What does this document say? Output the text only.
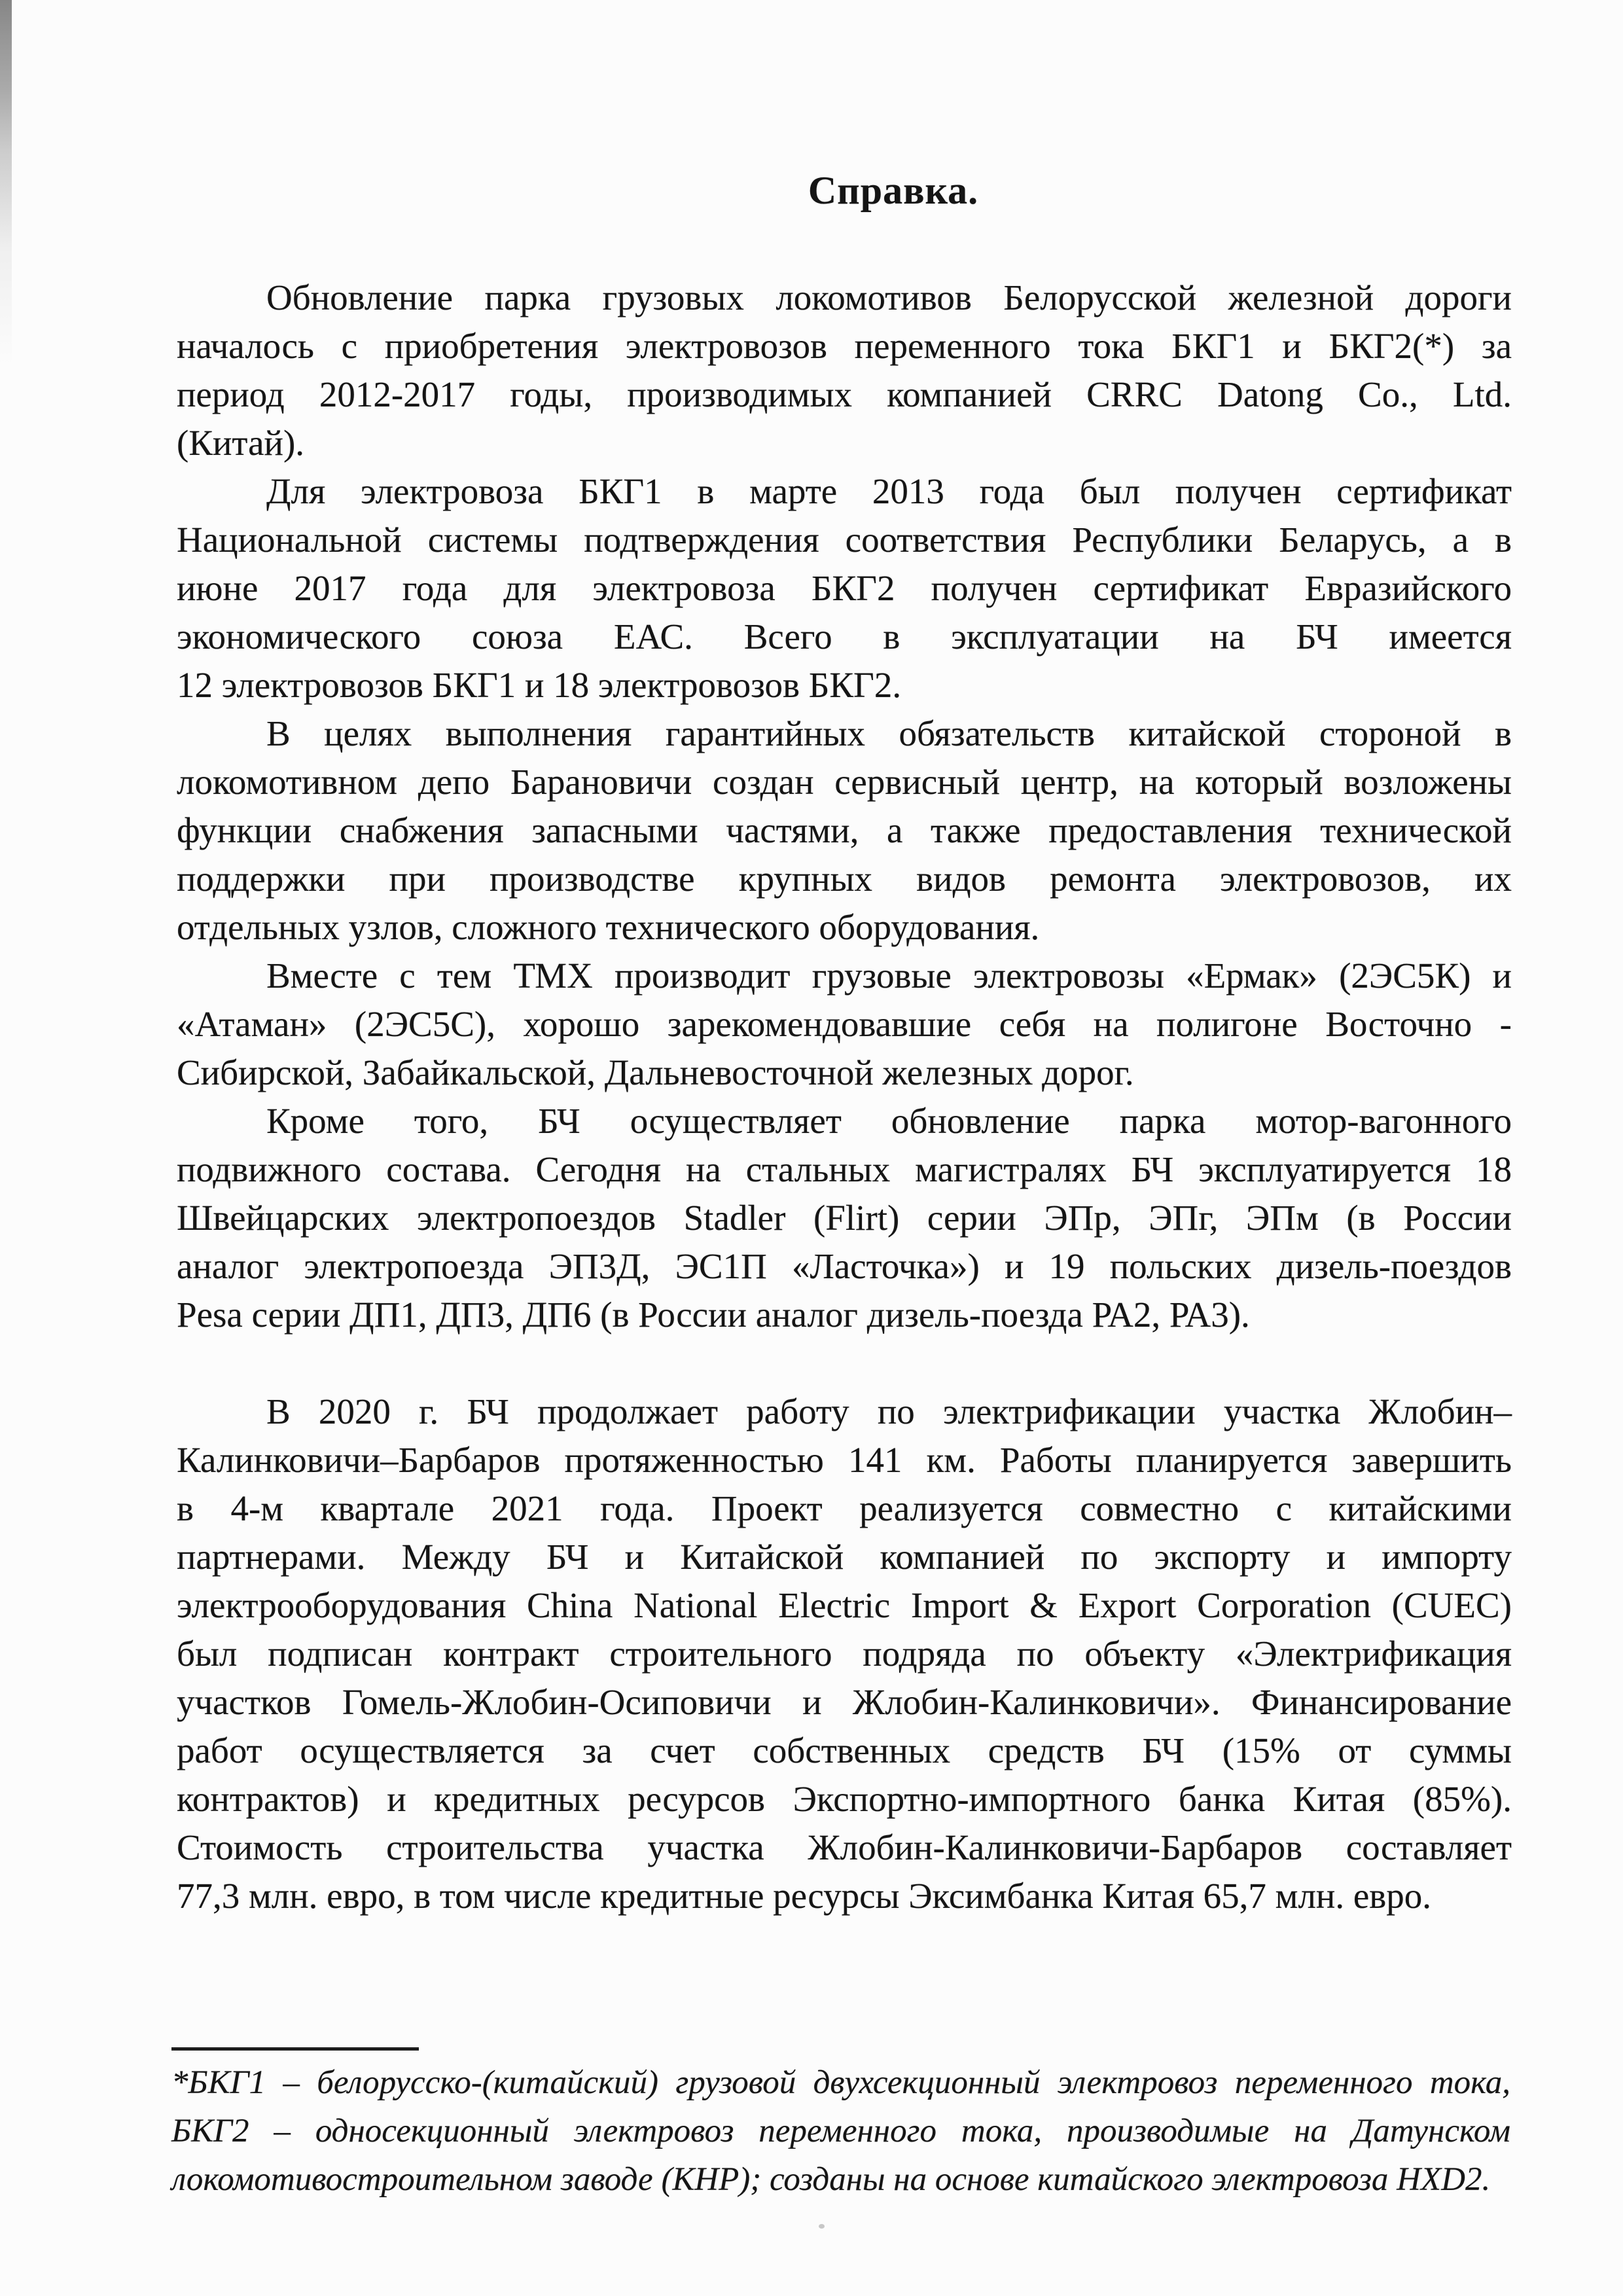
Справка.
Обновление парка грузовых локомотивов Белорусской железной дороги
началось с приобретения электровозов переменного тока БКГ1 и БКГ2(*) за
период 2012-2017 годы, производимых компанией CRRC Datong Co., Ltd.
(Китай).
Для электровоза БКГ1 в марте 2013 года был получен сертификат
Национальной системы подтверждения соответствия Республики Беларусь, а в
июне 2017 года для электровоза БКГ2 получен сертификат Евразийского
экономического союза ЕАС. Всего в эксплуатации на БЧ имеется
12 электровозов БКГ1 и 18 электровозов БКГ2.
В целях выполнения гарантийных обязательств китайской стороной в
локомотивном депо Барановичи создан сервисный центр, на который возложены
функции снабжения запасными частями, а также предоставления технической
поддержки при производстве крупных видов ремонта электровозов, их
отдельных узлов, сложного технического оборудования.
Вместе с тем ТМХ производит грузовые электровозы «Ермак» (2ЭС5К) и
«Атаман» (2ЭС5С), хорошо зарекомендовавшие себя на полигоне Восточно -
Сибирской, Забайкальской, Дальневосточной железных дорог.
Кроме того, БЧ осуществляет обновление парка мотор-вагонного
подвижного состава. Сегодня на стальных магистралях БЧ эксплуатируется 18
Швейцарских электропоездов Stadler (Flirt) серии ЭПр, ЭПг, ЭПм (в России
аналог электропоезда ЭП3Д, ЭС1П «Ласточка») и 19 польских дизель-поездов
Pesa серии ДП1, ДП3, ДП6 (в России аналог дизель-поезда РА2, РА3).
В 2020 г. БЧ продолжает работу по электрификации участка Жлобин–
Калинковичи–Барбаров протяженностью 141 км. Работы планируется завершить
в 4-м квартале 2021 года. Проект реализуется совместно с китайскими
партнерами. Между БЧ и Китайской компанией по экспорту и импорту
электрооборудования China National Electric Import & Export Corporation (CUEC)
был подписан контракт строительного подряда по объекту «Электрификация
участков Гомель-Жлобин-Осиповичи и Жлобин-Калинковичи». Финансирование
работ осуществляется за счет собственных средств БЧ (15% от суммы
контрактов) и кредитных ресурсов Экспортно-импортного банка Китая (85%).
Стоимость строительства участка Жлобин-Калинковичи-Барбаров составляет
77,3 млн. евро, в том числе кредитные ресурсы Эксимбанка Китая 65,7 млн. евро.
*БКГ1 – белорусско-(китайский) грузовой двухсекционный электровоз переменного тока,
БКГ2 – односекционный электровоз переменного тока, производимые на Датунском
локомотивостроительном заводе (КНР); созданы на основе китайского электровоза HXD2.
